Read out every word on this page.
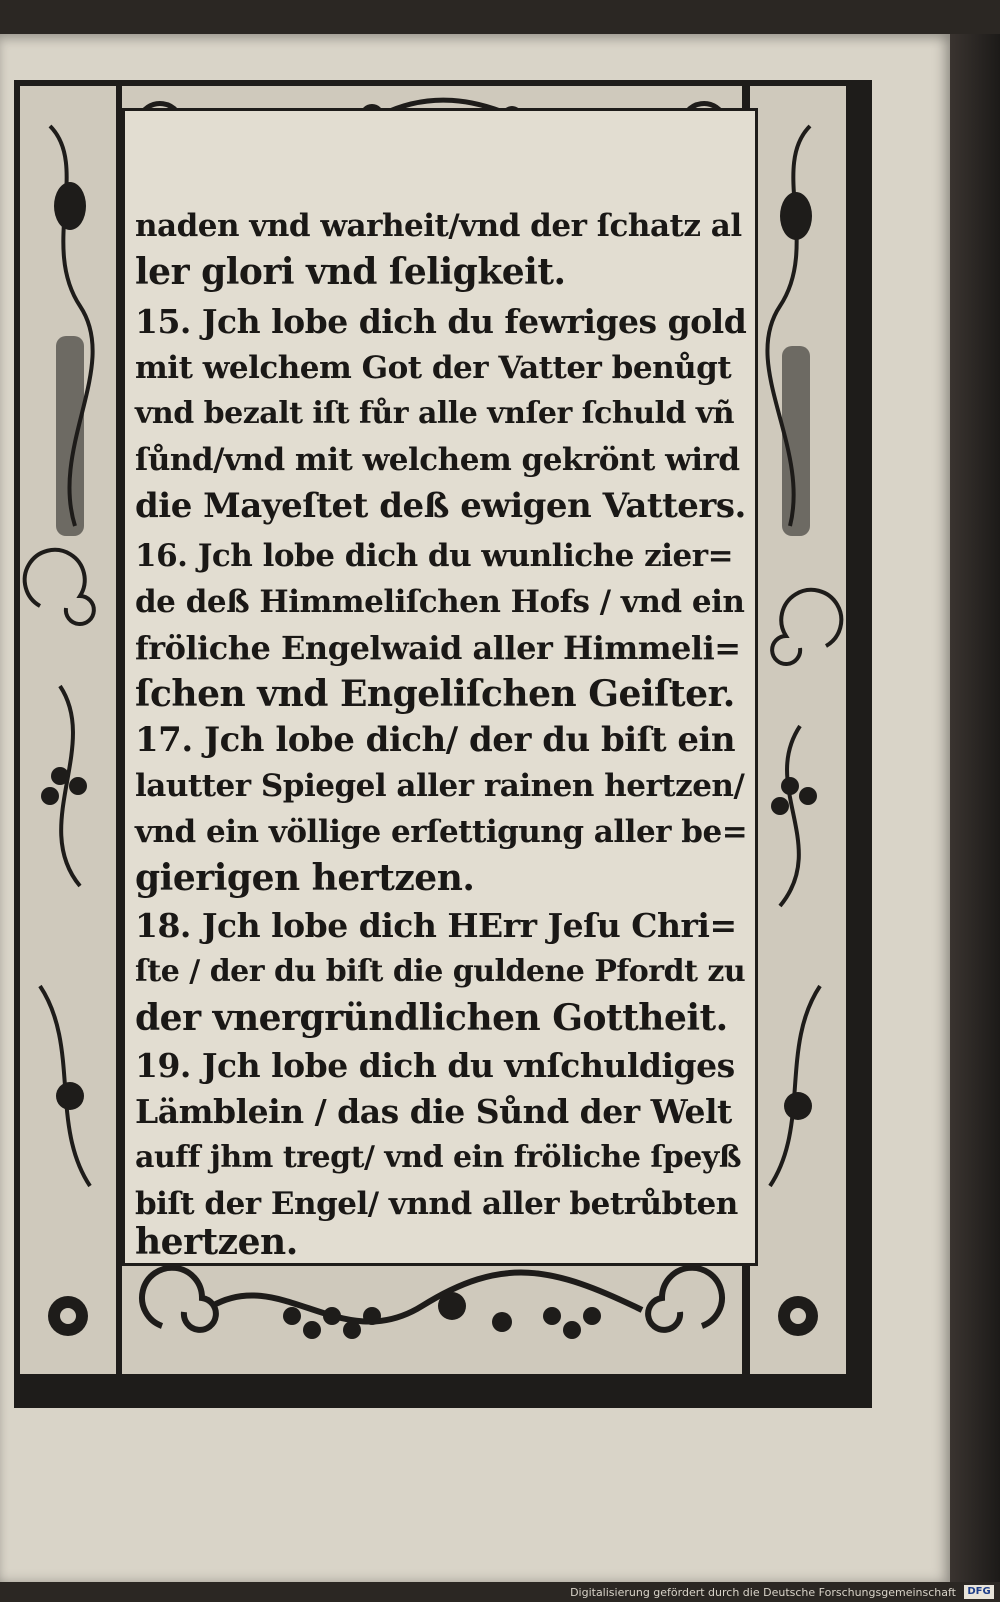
naden vnd warheit/vnd der ſchatz al
ler glori vnd ſeligkeit.
15. Jch lobe dich du fewriges gold
mit welchem Got der Vatter benůgt
vnd bezalt iſt fůr alle vnſer ſchuld vñ
ſůnd/vnd mit welchem gekrönt wird
die Mayeſtet deß ewigen Vatters.
16. Jch lobe dich du wunliche zier=
de deß Himmeliſchen Hofs / vnd ein
fröliche Engelwaid aller Himmeli=
ſchen vnd Engeliſchen Geiſter.
17. Jch lobe dich/ der du biſt ein
lautter Spiegel aller rainen hertzen/
vnd ein völlige erſettigung aller be=
gierigen hertzen.
18. Jch lobe dich HErr Jeſu Chri=
ſte / der du biſt die guldene Pfordt zu
der vnergründlichen Gottheit.
19. Jch lobe dich du vnſchuldiges
Lämblein / das die Sůnd der Welt
auff jhm tregt/ vnd ein fröliche ſpeyß
biſt der Engel/ vnnd aller betrůbten
hertzen.
Digitalisierung gefördert durch die Deutsche Forschungsgemeinschaft	DFG
